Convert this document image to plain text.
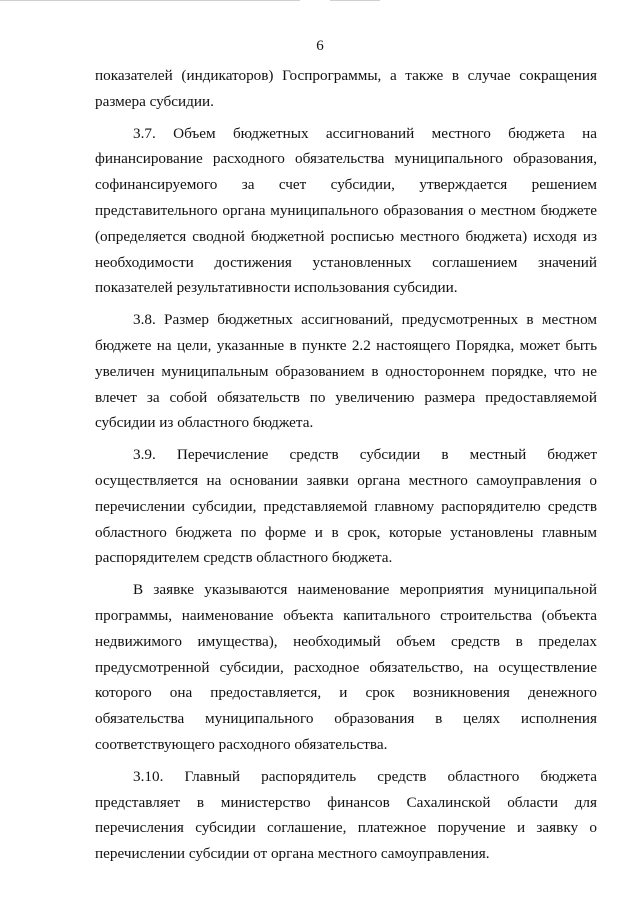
6

показателей (индикаторов) Госпрограммы, а также в случае сокращения размера субсидии.

3.7. Объем бюджетных ассигнований местного бюджета на финансирование расходного обязательства муниципального образования, софинансируемого за счет субсидии, утверждается решением представительного органа муниципального образования о местном бюджете (определяется сводной бюджетной росписью местного бюджета) исходя из необходимости достижения установленных соглашением значений показателей результативности использования субсидии.

3.8. Размер бюджетных ассигнований, предусмотренных в местном бюджете на цели, указанные в пункте 2.2 настоящего Порядка, может быть увеличен муниципальным образованием в одностороннем порядке, что не влечет за собой обязательств по увеличению размера предоставляемой субсидии из областного бюджета.

3.9. Перечисление средств субсидии в местный бюджет осуществляется на основании заявки органа местного самоуправления о перечислении субсидии, представляемой главному распорядителю средств областного бюджета по форме и в срок, которые установлены главным распорядителем средств областного бюджета.

В заявке указываются наименование мероприятия муниципальной программы, наименование объекта капитального строительства (объекта недвижимого имущества), необходимый объем средств в пределах предусмотренной субсидии, расходное обязательство, на осуществление которого она предоставляется, и срок возникновения денежного обязательства муниципального образования в целях исполнения соответствующего расходного обязательства.

3.10. Главный распорядитель средств областного бюджета представляет в министерство финансов Сахалинской области для перечисления субсидии соглашение, платежное поручение и заявку о перечислении субсидии от органа местного самоуправления.
